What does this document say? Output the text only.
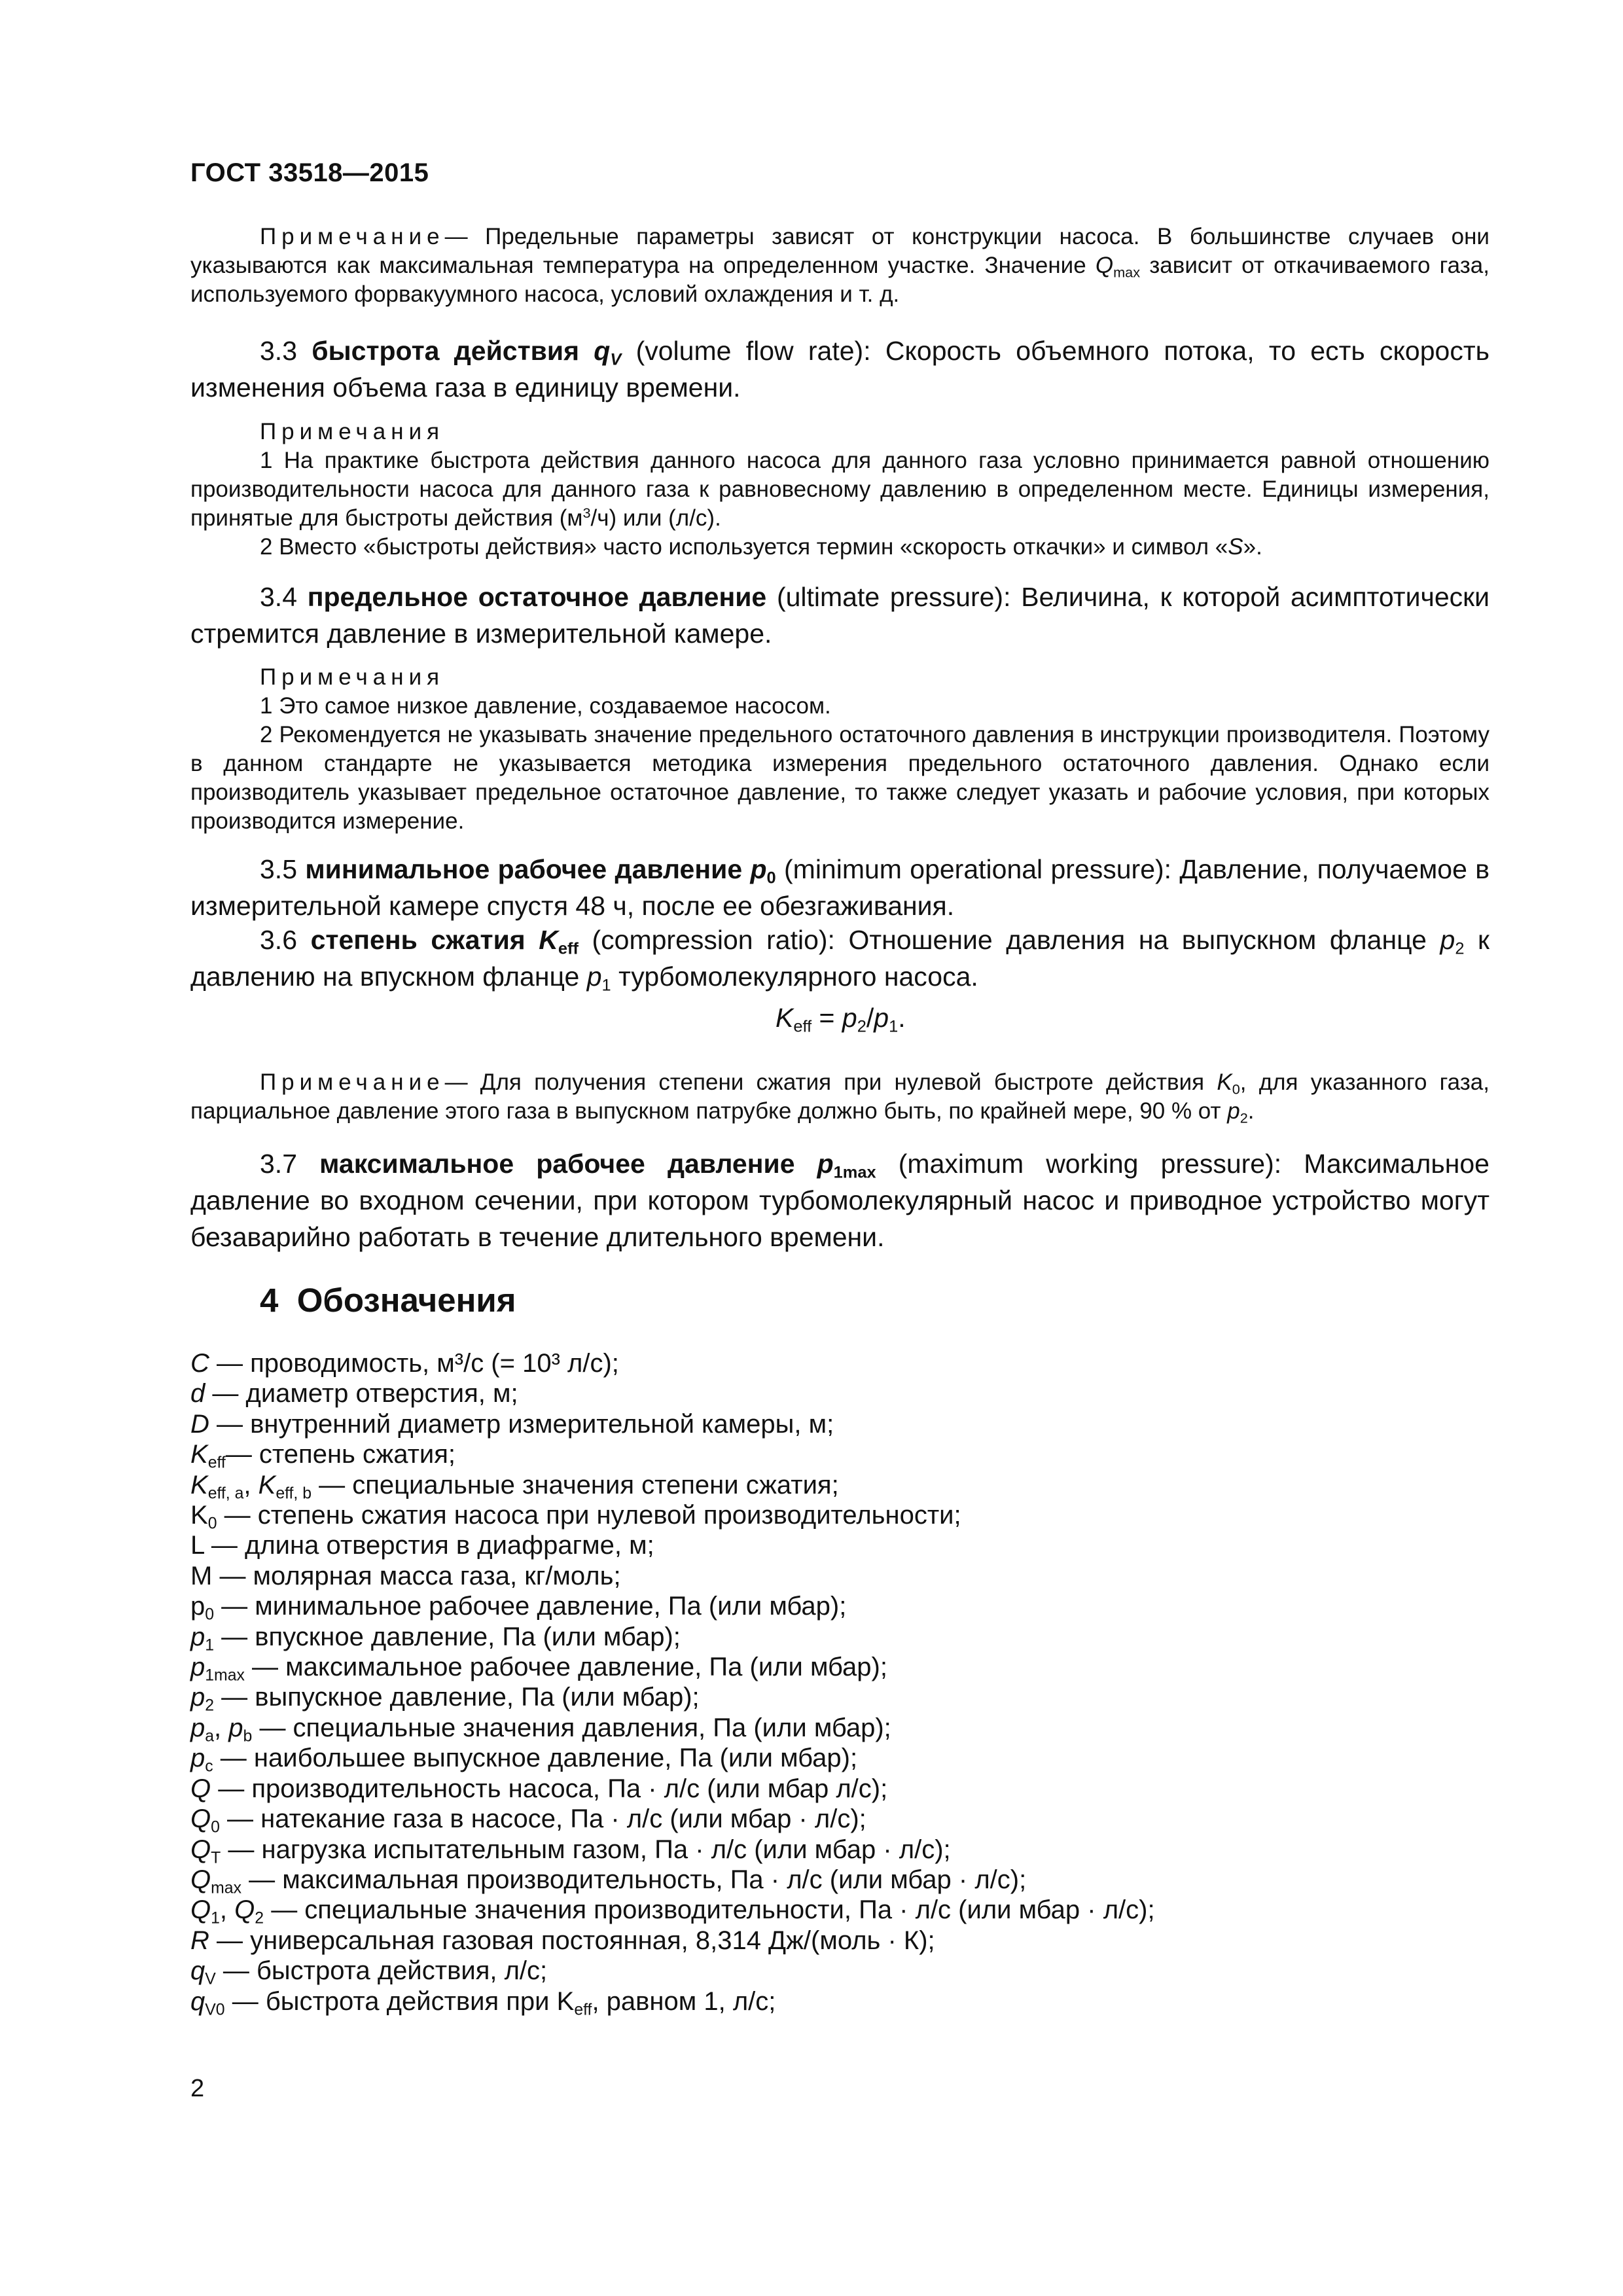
ГОСТ 33518—2015

Примечание— Предельные параметры зависят от конструкции насоса. В большинстве случаев они указываются как максимальная температура на определенном участке. Значение $Q_{max}$ зависит от откачиваемого газа, используемого форвакуумного насоса, условий охлаждения и т. д.

3.3 быстрота действия $q_V$ (volume flow rate): Скорость объемного потока, то есть скорость изменения объема газа в единицу времени.

Примечания

1 На практике быстрота действия данного насоса для данного газа условно принимается равной отношению производительности насоса для данного газа к равновесному давлению в определенном месте. Единицы измерения, принятые для быстроты действия $(м^3/ч)$ или (л/с).

2 Вместо «быстроты действия» часто используется термин «скорость откачки» и символ «S».

3.4 предельное остаточное давление (ultimate pressure): Величина, к которой асимптотически стремится давление в измерительной камере.

Примечания

1 Это самое низкое давление, создаваемое насосом.

2 Рекомендуется не указывать значение предельного остаточного давления в инструкции производителя. Поэтому в данном стандарте не указывается методика измерения предельного остаточного давления. Однако если производитель указывает предельное остаточное давление, то также следует указать и рабочие условия, при которых производится измерение.

3.5 минимальное рабочее давление $p_0$ (minimum operational pressure): Давление, получаемое в измерительной камере спустя 48 ч, после ее обезгаживания.

3.6 степень сжатия $K_{eff}$ (compression ratio): Отношение давления на выпускном фланце $p_2$ к давлению на впускном фланце $p_1$ турбомолекулярного насоса.

$K_{eff} = p_2/p_1$.

Примечание— Для получения степени сжатия при нулевой быстроте действия $K_0$, для указанного газа, парциальное давление этого газа в выпускном патрубке должно быть, по крайней мере, 90 % от $p_2$.

3.7 максимальное рабочее давление $p_{1max}$ (maximum working pressure): Максимальное давление во входном сечении, при котором турбомолекулярный насос и приводное устройство могут безаварийно работать в течение длительного времени.

4 Обозначения
C — проводимость, м³/с (= 10³ л/с);
d — диаметр отверстия, м;
D — внутренний диаметр измерительной камеры, м;
$K_{eff}—$ степень сжатия;
$K_{eff, a}$, $K_{eff, b}$ — специальные значения степени сжатия;
$K_0$ — степень сжатия насоса при нулевой производительности;
L — длина отверстия в диафрагме, м;
M — молярная масса газа, кг/моль;
$p_0$ — минимальное рабочее давление, Па (или мбар);
$p_1$ — впускное давление, Па (или мбар);
$p_{1max}$ — максимальное рабочее давление, Па (или мбар);
$p_2$ — выпускное давление, Па (или мбар);
$p_a$, $p_b$ — специальные значения давления, Па (или мбар);
$p_c$ — наибольшее выпускное давление, Па (или мбар);
Q — производительность насоса, Па · л/с (или мбар л/с);
$Q_0$ — натекание газа в насосе, Па · л/с (или мбар · л/с);
$Q_T$ — нагрузка испытательным газом, Па · л/с (или мбар · л/с);
$Q_{max}$ — максимальная производительность, Па · л/с (или мбар · л/с);
$Q_1$, $Q_2$ — специальные значения производительности, Па · л/с (или мбар · л/с);
R — универсальная газовая постоянная, 8,314 Дж/(моль · К);
$q_V$ — быстрота действия, л/с;
$q_{V0}$ — быстрота действия при $K_{eff}$, равном 1, л/с;
2
